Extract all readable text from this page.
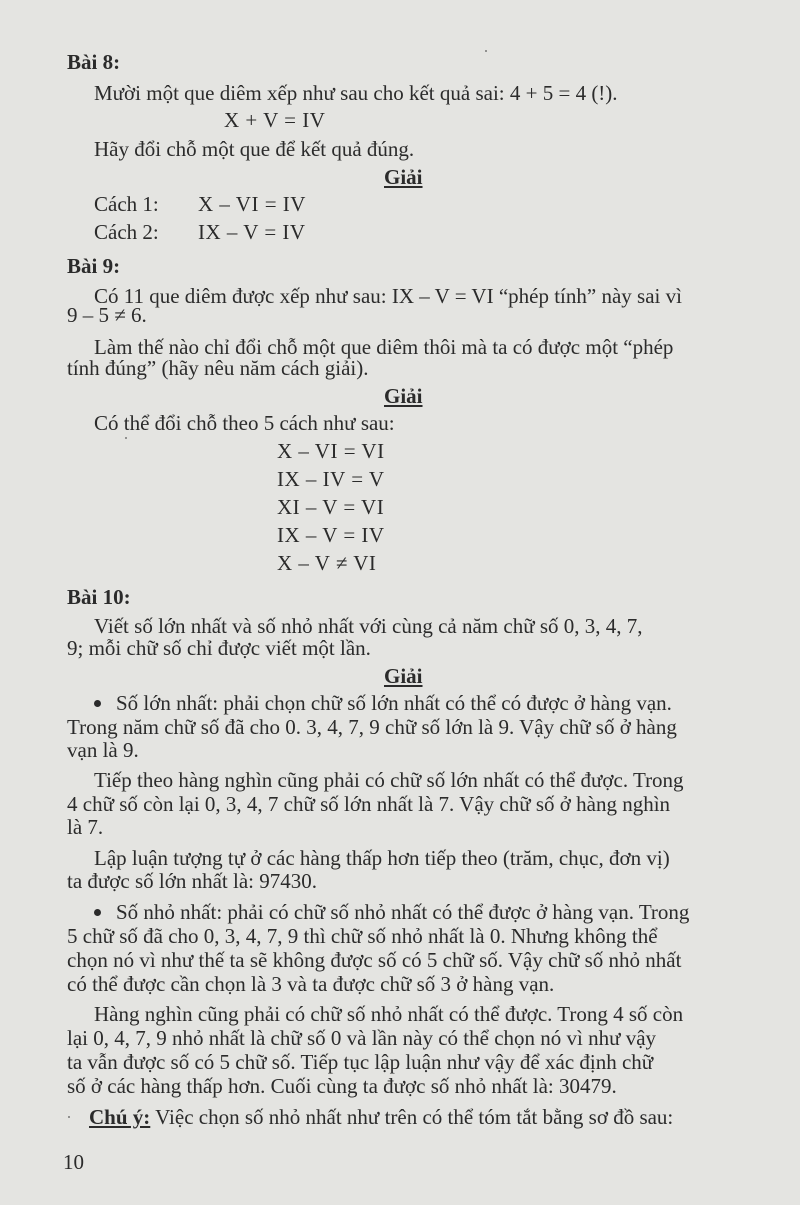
Bài 8:
Mười một que diêm xếp như sau cho kết quả sai: 4 + 5 = 4 (!).
X + V = IV
Hãy đổi chỗ một que để kết quả đúng.
Giải
Cách 1: X – VI = IV
Cách 2: IX – V = IV
Bài 9:
Có 11 que diêm được xếp như sau: IX – V = VI “phép tính” này sai vì
9 – 5 ≠ 6.
Làm thế nào chỉ đổi chỗ một que diêm thôi mà ta có được một “phép
tính đúng” (hãy nêu năm cách giải).
Giải
Có thể đổi chỗ theo 5 cách như sau:
X – VI = VI
IX – IV = V
XI – V = VI
IX – V = IV
X – V ≠ VI
Bài 10:
Viết số lớn nhất và số nhỏ nhất với cùng cả năm chữ số 0, 3, 4, 7,
9; mỗi chữ số chỉ được viết một lần.
Giải
Số lớn nhất: phải chọn chữ số lớn nhất có thể có được ở hàng vạn.
Trong năm chữ số đã cho 0. 3, 4, 7, 9 chữ số lớn là 9. Vậy chữ số ở hàng
vạn là 9.
Tiếp theo hàng nghìn cũng phải có chữ số lớn nhất có thể được. Trong
4 chữ số còn lại 0, 3, 4, 7 chữ số lớn nhất là 7. Vậy chữ số ở hàng nghìn
là 7.
Lập luận tượng tự ở các hàng thấp hơn tiếp theo (trăm, chục, đơn vị)
ta được số lớn nhất là: 97430.
Số nhỏ nhất: phải có chữ số nhỏ nhất có thể được ở hàng vạn. Trong
5 chữ số đã cho 0, 3, 4, 7, 9 thì chữ số nhỏ nhất là 0. Nhưng không thể
chọn nó vì như thế ta sẽ không được số có 5 chữ số. Vậy chữ số nhỏ nhất
có thể được cần chọn là 3 và ta được chữ số 3 ở hàng vạn.
Hàng nghìn cũng phải có chữ số nhỏ nhất có thể được. Trong 4 số còn
lại 0, 4, 7, 9 nhỏ nhất là chữ số 0 và lần này có thể chọn nó vì như vậy
ta vẫn được số có 5 chữ số. Tiếp tục lập luận như vậy để xác định chữ
số ở các hàng thấp hơn. Cuối cùng ta được số nhỏ nhất là: 30479.
Chú ý: Việc chọn số nhỏ nhất như trên có thể tóm tắt bằng sơ đồ sau:
10
